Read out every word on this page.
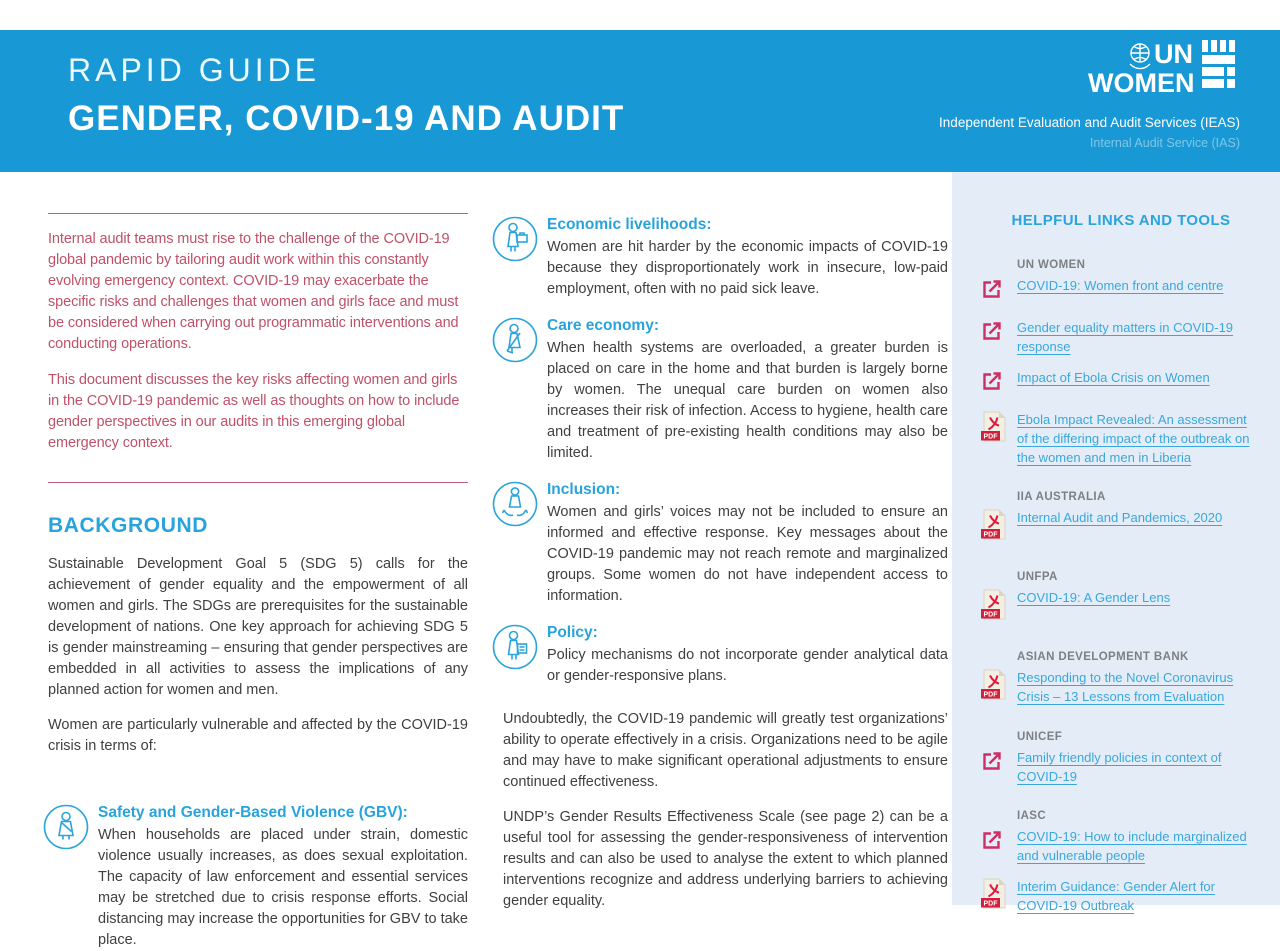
RAPID GUIDE
GENDER, COVID-19 AND AUDIT
UN
WOMEN
Independent Evaluation and Audit Services (IEAS)
Internal Audit Service (IAS)

Internal audit teams must rise to the challenge of the COVID-19 global pandemic by tailoring audit work within this constantly evolving emergency context. COVID-19 may exacerbate the specific risks and challenges that women and girls face and must be considered when carrying out programmatic interventions and conducting operations.

This document discusses the key risks affecting women and girls in the COVID-19 pandemic as well as thoughts on how to include gender perspectives in our audits in this emerging global emergency context.

BACKGROUND

Sustainable Development Goal 5 (SDG 5) calls for the achievement of gender equality and the empowerment of all women and girls. The SDGs are prerequisites for the sustainable development of nations. One key approach for achieving SDG 5 is gender mainstreaming – ensuring that gender perspectives are embedded in all activities to assess the implications of any planned action for women and men.

Women are particularly vulnerable and affected by the COVID-19 crisis in terms of:

Safety and Gender-Based Violence (GBV):
When households are placed under strain, domestic violence usually increases, as does sexual exploitation. The capacity of law enforcement and essential services may be stretched due to crisis response efforts. Social distancing may increase the opportunities for GBV to take place.
Economic livelihoods:
Women are hit harder by the economic impacts of COVID-19 because they disproportionately work in insecure, low-paid employment, often with no paid sick leave.
Care economy:
When health systems are overloaded, a greater burden is placed on care in the home and that burden is largely borne by women. The unequal care burden on women also increases their risk of infection. Access to hygiene, health care and treatment of pre-existing health conditions may also be limited.
Inclusion:
Women and girls’ voices may not be included to ensure an informed and effective response. Key messages about the COVID-19 pandemic may not reach remote and marginalized groups. Some women do not have independent access to information.
Policy:
Policy mechanisms do not incorporate gender analytical data or gender-responsive plans.

Undoubtedly, the COVID-19 pandemic will greatly test organizations’ ability to operate effectively in a crisis. Organizations need to be agile and may have to make significant operational adjustments to ensure continued effectiveness.

UNDP’s Gender Results Effectiveness Scale (see page 2) can be a useful tool for assessing the gender-responsiveness of intervention results and can also be used to analyse the extent to which planned interventions recognize and address underlying barriers to achieving gender equality.

HELPFUL LINKS AND TOOLS
UN WOMEN
COVID-19: Women front and centre
Gender equality matters in COVID-19 response
Impact of Ebola Crisis on Women
PDF
Ebola Impact Revealed: An assessment of the differing impact of the outbreak on the women and men in Liberia
IIA AUSTRALIA
PDF
Internal Audit and Pandemics, 2020
UNFPA
PDF
COVID-19: A Gender Lens
ASIAN DEVELOPMENT BANK
PDF
Responding to the Novel Coronavirus Crisis – 13 Lessons from Evaluation
UNICEF
Family friendly policies in context of COVID-19
IASC
COVID-19: How to include marginalized and vulnerable people
PDF
Interim Guidance: Gender Alert for COVID-19 Outbreak
